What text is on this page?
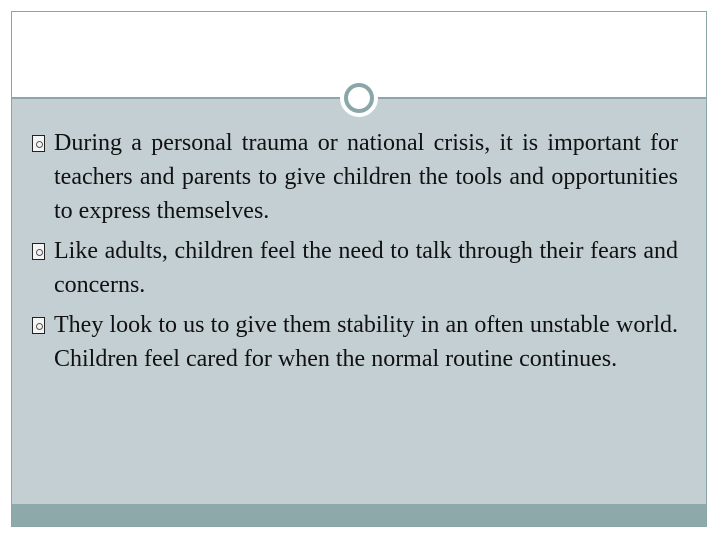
During a personal trauma or national crisis, it is important for teachers and parents to give children the tools and opportunities to express themselves.
Like adults, children feel the need to talk through their fears and concerns.
They look to us to give them stability in an often unstable world. Children feel cared for when the normal routine continues.
